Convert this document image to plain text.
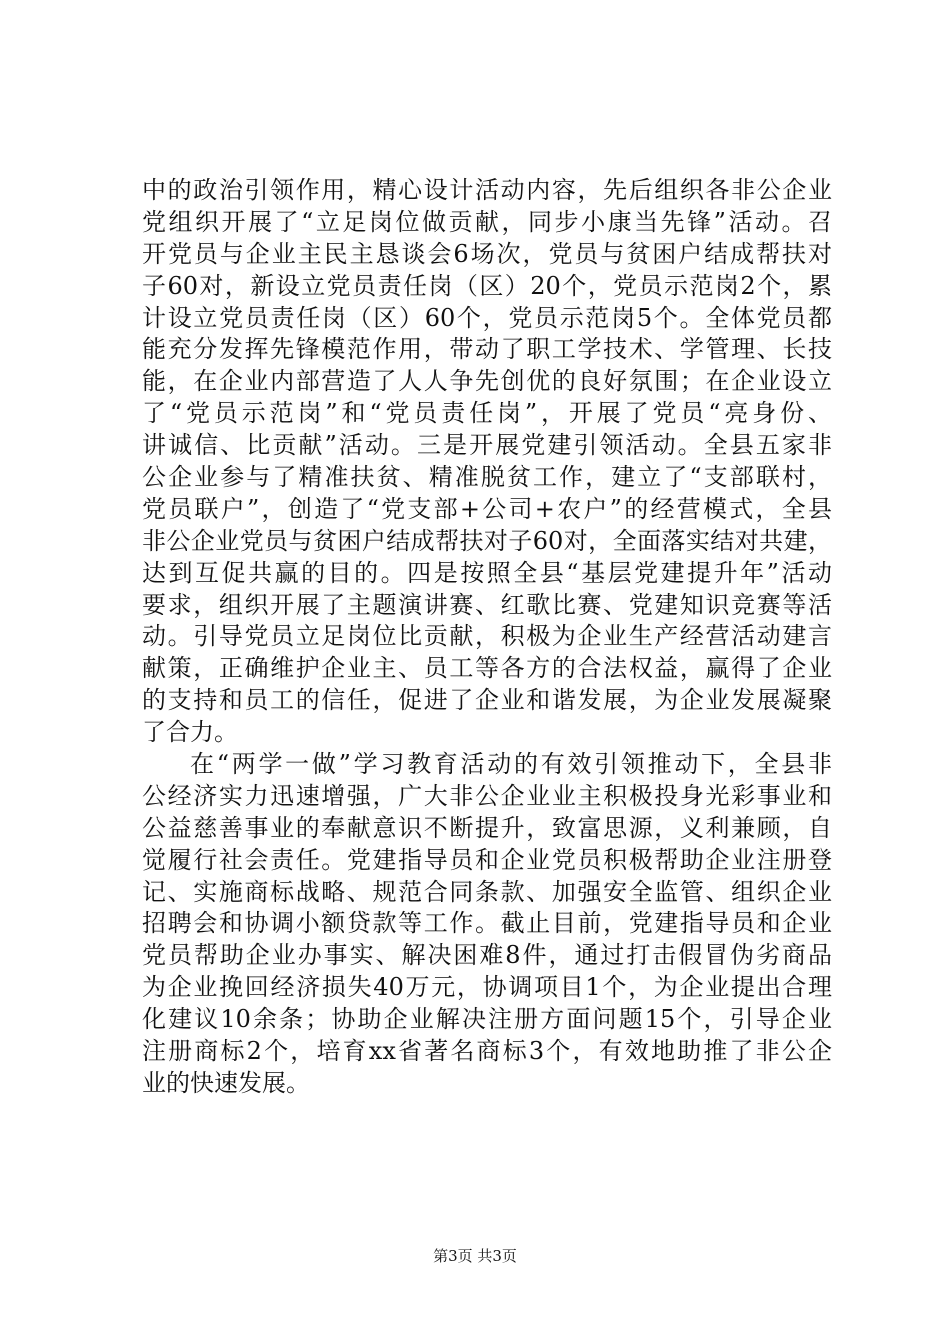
中的政治引领作用，精心设计活动内容，先后组织各非公企业
党组织开展了“立足岗位做贡献，同步小康当先锋”活动。召
开党员与企业主民主恳谈会6场次，党员与贫困户结成帮扶对
子60对，新设立党员责任岗（区）20个，党员示范岗2个，累
计设立党员责任岗（区）60个，党员示范岗5个。全体党员都
能充分发挥先锋模范作用，带动了职工学技术、学管理、长技
能，在企业内部营造了人人争先创优的良好氛围；在企业设立
了“党员示范岗”和“党员责任岗”，开展了党员“亮身份、
讲诚信、比贡献”活动。三是开展党建引领活动。全县五家非
公企业参与了精准扶贫、精准脱贫工作，建立了“支部联村，
党员联户”，创造了“党支部+公司+农户”的经营模式，全县
非公企业党员与贫困户结成帮扶对子60对，全面落实结对共建，
达到互促共赢的目的。四是按照全县“基层党建提升年”活动
要求，组织开展了主题演讲赛、红歌比赛、党建知识竞赛等活
动。引导党员立足岗位比贡献，积极为企业生产经营活动建言
献策，正确维护企业主、员工等各方的合法权益，赢得了企业
的支持和员工的信任，促进了企业和谐发展，为企业发展凝聚
了合力。
在“两学一做”学习教育活动的有效引领推动下，全县非
公经济实力迅速增强，广大非公企业业主积极投身光彩事业和
公益慈善事业的奉献意识不断提升，致富思源，义利兼顾，自
觉履行社会责任。党建指导员和企业党员积极帮助企业注册登
记、实施商标战略、规范合同条款、加强安全监管、组织企业
招聘会和协调小额贷款等工作。截止目前，党建指导员和企业
党员帮助企业办事实、解决困难8件，通过打击假冒伪劣商品
为企业挽回经济损失40万元，协调项目1个，为企业提出合理
化建议10余条；协助企业解决注册方面问题15个，引导企业
注册商标2个，培育xx省著名商标3个，有效地助推了非公企
业的快速发展。
第3页 共3页
